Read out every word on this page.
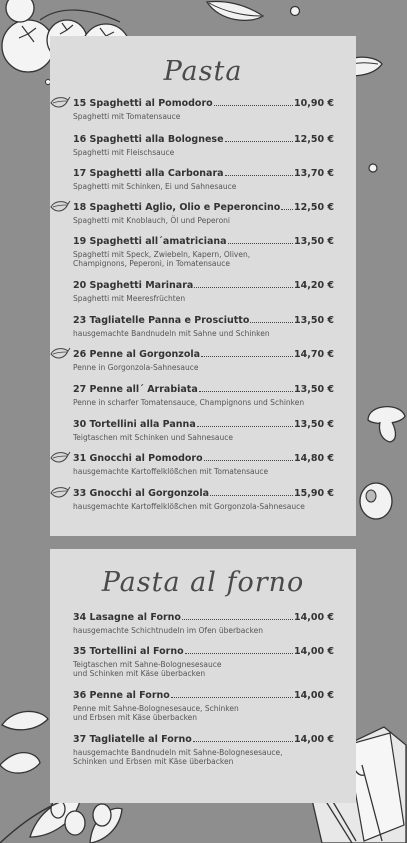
Pasta
15 Spaghetti al Pomodoro	10,90 €
Spaghetti mit Tomatensauce
16 Spaghetti alla Bolognese	12,50 €
Spaghetti mit Fleischsauce
17 Spaghetti alla Carbonara	13,70 €
Spaghetti mit Schinken, Ei und Sahnesauce
18 Spaghetti Aglio, Olio e Peperoncino 12,50 €
Spaghetti mit Knoblauch, Öl und Peperoni
19 Spaghetti all´amatriciana	13,50 €
Spaghetti mit Speck, Zwiebeln, Kapern, Oliven,
Champignons, Peperoni, in Tomatensauce
20 Spaghetti Marinara	14,20 €
Spaghetti mit Meeresfrüchten
23 Tagliatelle Panna e Prosciutto	13,50 €
hausgemachte Bandnudeln mit Sahne und Schinken
26 Penne al Gorgonzola	14,70 €
Penne in Gorgonzola-Sahnesauce
27 Penne all´ Arrabiata	13,50 €
Penne in scharfer Tomatensauce, Champignons und Schinken
30 Tortellini alla Panna	13,50 €
Teigtaschen mit Schinken und Sahnesauce
31 Gnocchi al Pomodoro	14,80 €
hausgemachte Kartoffelklößchen mit Tomatensauce
33 Gnocchi al Gorgonzola	15,90 €
hausgemachte Kartoffelklößchen mit Gorgonzola-Sahnesauce
Pasta al forno
34 Lasagne al Forno	14,00 €
hausgemachte Schichtnudeln im Ofen überbacken
35 Tortellini al Forno	14,00 €
Teigtaschen mit Sahne-Bolognesesauce
und Schinken mit Käse überbacken
36 Penne al Forno	14,00 €
Penne mit Sahne-Bolognesesauce, Schinken
und Erbsen mit Käse überbacken
37 Tagliatelle al Forno	14,00 €
hausgemachte Bandnudeln mit Sahne-Bolognesesauce,
Schinken und Erbsen mit Käse überbacken
